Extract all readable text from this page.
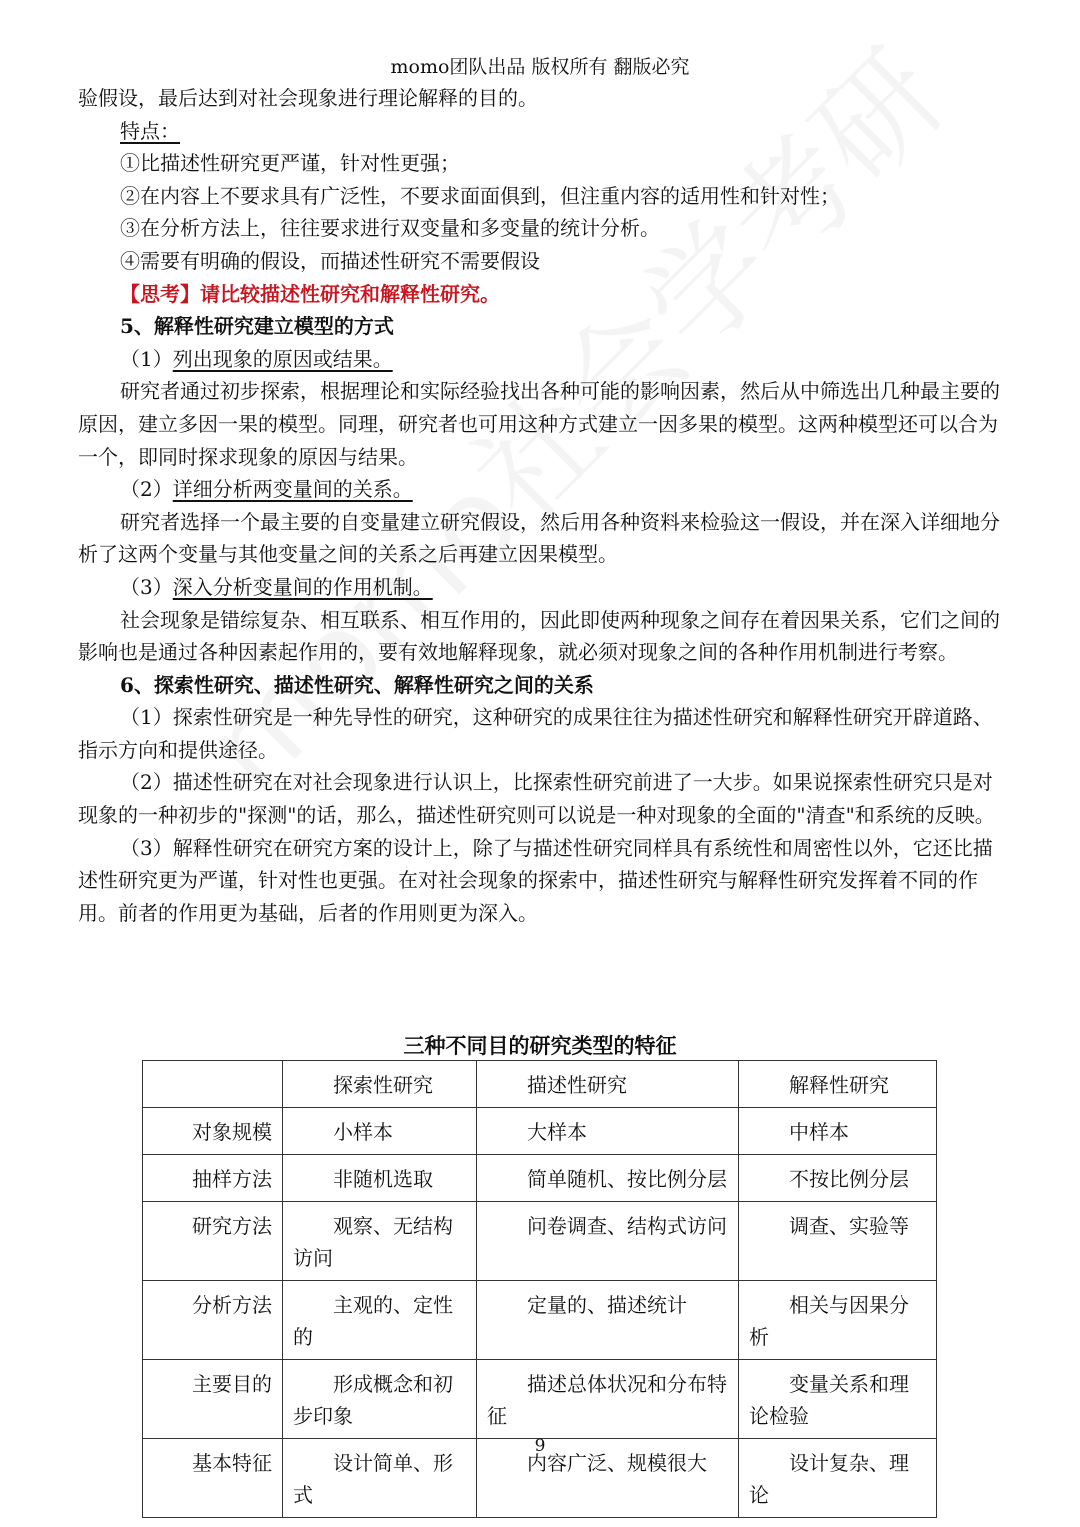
momo团队出品 版权所有 翻版必究

验假设，最后达到对社会现象进行理论解释的目的。

特点：

①比描述性研究更严谨，针对性更强；

②在内容上不要求具有广泛性，不要求面面俱到，但注重内容的适用性和针对性；

③在分析方法上，往往要求进行双变量和多变量的统计分析。

④需要有明确的假设，而描述性研究不需要假设

【思考】请比较描述性研究和解释性研究。

5、解释性研究建立模型的方式

（1）列出现象的原因或结果。

研究者通过初步探索，根据理论和实际经验找出各种可能的影响因素，然后从中筛选出几种最主要的原因，建立多因一果的模型。同理，研究者也可用这种方式建立一因多果的模型。这两种模型还可以合为一个，即同时探求现象的原因与结果。

（2）详细分析两变量间的关系。

研究者选择一个最主要的自变量建立研究假设，然后用各种资料来检验这一假设，并在深入详细地分析了这两个变量与其他变量之间的关系之后再建立因果模型。

（3）深入分析变量间的作用机制。

社会现象是错综复杂、相互联系、相互作用的，因此即使两种现象之间存在着因果关系，它们之间的影响也是通过各种因素起作用的，要有效地解释现象，就必须对现象之间的各种作用机制进行考察。

6、探索性研究、描述性研究、解释性研究之间的关系

（1）探索性研究是一种先导性的研究，这种研究的成果往往为描述性研究和解释性研究开辟道路、指示方向和提供途径。

（2）描述性研究在对社会现象进行认识上，比探索性研究前进了一大步。如果说探索性研究只是对现象的一种初步的"探测"的话，那么，描述性研究则可以说是一种对现象的全面的"清查"和系统的反映。

（3）解释性研究在研究方案的设计上，除了与描述性研究同样具有系统性和周密性以外，它还比描述性研究更为严谨，针对性也更强。在对社会现象的探索中，描述性研究与解释性研究发挥着不同的作用。前者的作用更为基础，后者的作用则更为深入。

三种不同目的研究类型的特征
	探索性研究	描述性研究	解释性研究
对象规模	小样本	大样本	中样本
抽样方法	非随机选取	简单随机、按比例分层	不按比例分层
研究方法	观察、无结构访问	问卷调查、结构式访问	调查、实验等
分析方法	主观的、定性的	定量的、描述统计	相关与因果分析
主要目的	形成概念和初步印象	描述总体状况和分布特征	变量关系和理论检验
基本特征	设计简单、形式	内容广泛、规模很大	设计复杂、理论
9
